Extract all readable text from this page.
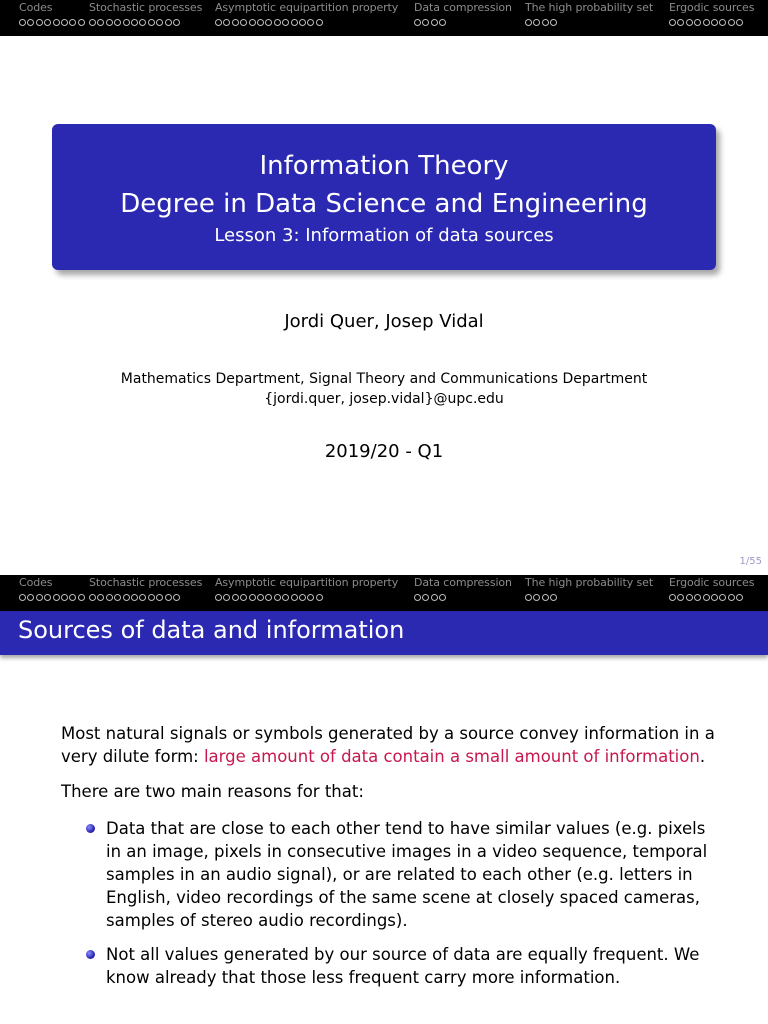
Codes	Stochastic processes Asymptotic equipartition property Data compression The high probability set Ergodic sources
Information Theory
Degree in Data Science and Engineering
Lesson 3: Information of data sources
Jordi Quer, Josep Vidal
Mathematics Department, Signal Theory and Communications Department
{jordi.quer, josep.vidal}@upc.edu
2019/20 - Q1
1/55
Codes	Stochastic processes Asymptotic equipartition property Data compression The high probability set Ergodic sources
Sources of data and information

Most natural signals or symbols generated by a source convey information in a very dilute form: large amount of data contain a small amount of information.

There are two main reasons for that:

Data that are close to each other tend to have similar values (e.g. pixels in an image, pixels in consecutive images in a video sequence, temporal samples in an audio signal), or are related to each other (e.g. letters in English, video recordings of the same scene at closely spaced cameras, samples of stereo audio recordings).
Not all values generated by our source of data are equally frequent. We know already that those less frequent carry more information.
